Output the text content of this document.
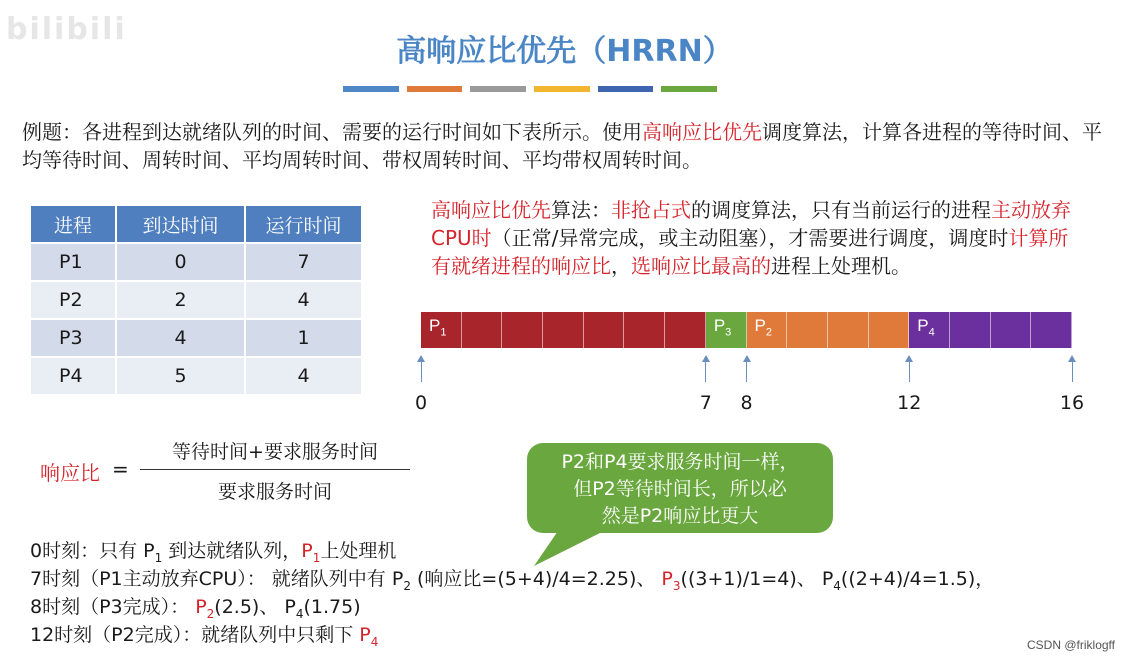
bilibili
高响应比优先（HRRN）
例题：各进程到达就绪队列的时间、需要的运行时间如下表所示。使用高响应比优先调度算法，计算各进程的等待时间、平均等待时间、周转时间、平均周转时间、带权周转时间、平均带权周转时间。
进程	到达时间	运行时间
P1	0	7
P2	2	4
P3	4	1
P4	5	4
高响应比优先算法：非抢占式的调度算法，只有当前运行的进程主动放弃CPU时（正常/异常完成，或主动阻塞），才需要进行调度，调度时计算所有就绪进程的响应比，选响应比最高的进程上处理机。
$P_1$	$P_3$ $P_2$	$P_4$
0	7	8	12	16
响应比 =
等待时间+要求服务时间
要求服务时间
P2和P4要求服务时间一样，
但P2等待时间长，所以必
然是P2响应比更大
0时刻：只有 $P_1$ 到达就绪队列，$P_1$上处理机
7时刻（P1主动放弃CPU）： 就绪队列中有 $P_2$ (响应比=(5+4)/4=2.25)、 $P_3((3+1)/1=4)$、 $P_4((2+4)/4=1.5)$，
8时刻（P3完成）： $P_2(2.5)$、 $P_4(1.75)$
12时刻（P2完成）：就绪队列中只剩下 $P_4$	CSDN @friklogff
